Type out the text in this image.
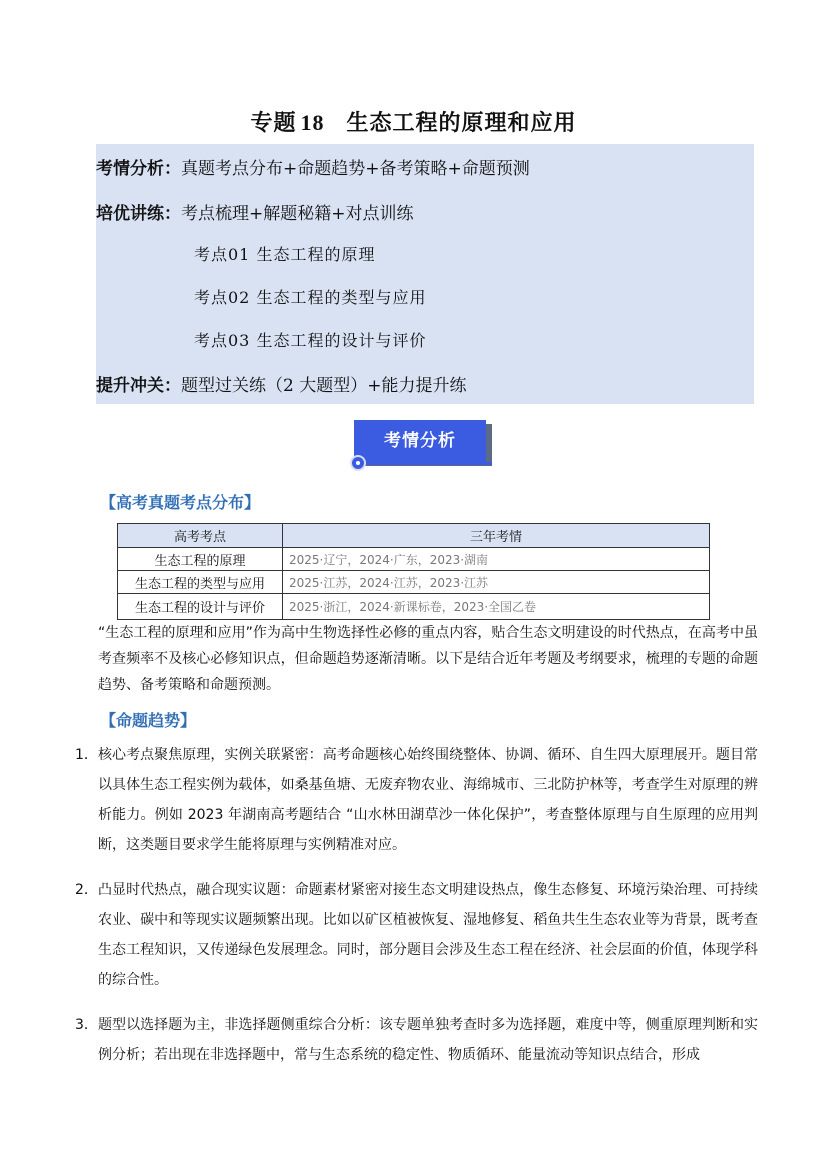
专题 18 生态工程的原理和应用
考情分析：真题考点分布+命题趋势+备考策略+命题预测
培优讲练：考点梳理+解题秘籍+对点训练
考点01 生态工程的原理
考点02 生态工程的类型与应用
考点03 生态工程的设计与评价
提升冲关：题型过关练（2 大题型）+能力提升练
考情分析
【高考真题考点分布】
高考考点	三年考情
生态工程的原理	2025·辽宁，2024·广东，2023·湖南
生态工程的类型与应用	2025·江苏，2024·江苏，2023·江苏
生态工程的设计与评价	2025·浙江，2024·新课标卷，2023·全国乙卷
“生态工程的原理和应用”作为高中生物选择性必修的重点内容，贴合生态文明建设的时代热点，在高考中虽考查频率不及核心必修知识点，但命题趋势逐渐清晰。以下是结合近年考题及考纲要求，梳理的专题的命题趋势、备考策略和命题预测。
【命题趋势】
1． 核心考点聚焦原理，实例关联紧密：高考命题核心始终围绕整体、协调、循环、自生四大原理展开。题目常以具体生态工程实例为载体，如桑基鱼塘、无废弃物农业、海绵城市、三北防护林等，考查学生对原理的辨析能力。例如 2023 年湖南高考题结合 “山水林田湖草沙一体化保护”，考查整体原理与自生原理的应用判断，这类题目要求学生能将原理与实例精准对应。
2． 凸显时代热点，融合现实议题：命题素材紧密对接生态文明建设热点，像生态修复、环境污染治理、可持续农业、碳中和等现实议题频繁出现。比如以矿区植被恢复、湿地修复、稻鱼共生生态农业等为背景，既考查生态工程知识，又传递绿色发展理念。同时，部分题目会涉及生态工程在经济、社会层面的价值，体现学科的综合性。
3． 题型以选择题为主，非选择题侧重综合分析：该专题单独考查时多为选择题，难度中等，侧重原理判断和实例分析；若出现在非选择题中，常与生态系统的稳定性、物质循环、能量流动等知识点结合，形成
